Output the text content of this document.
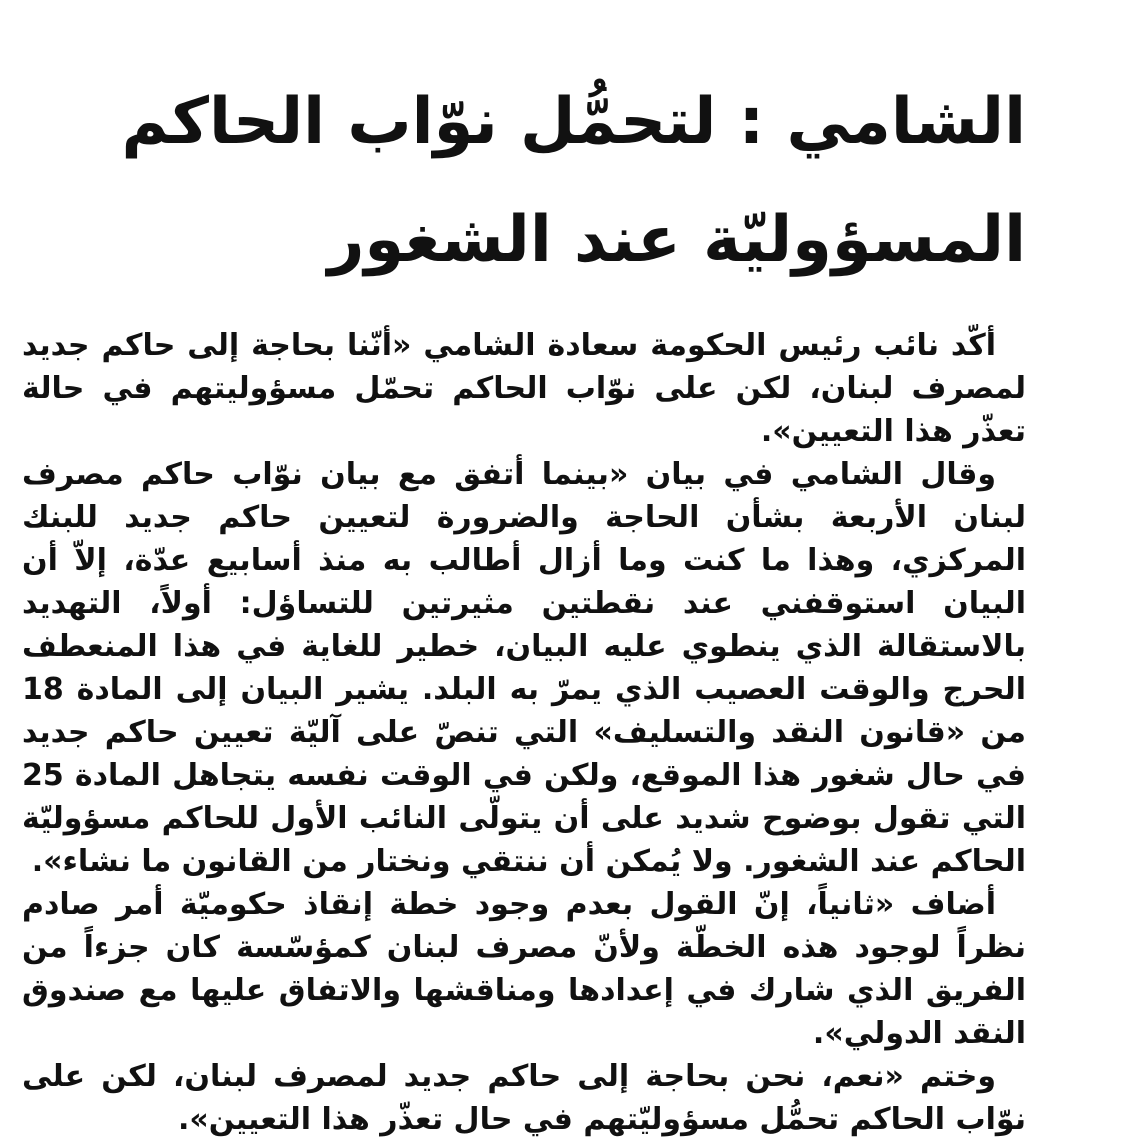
الشامي : لتحمُّل نوّاب الحاكم
المسؤوليّة عند الشغور

أكّد نائب رئيس الحكومة سعادة الشامي «أنّنا بحاجة إلى حاكم جديد لمصرف لبنان، لكن على نوّاب الحاكم تحمّل مسؤوليتهم في حالة تعذّر هذا التعيين».

وقال الشامي في بيان «بينما أتفق مع بيان نوّاب حاكم مصرف لبنان الأربعة بشأن الحاجة والضرورة لتعيين حاكم جديد للبنك المركزي، وهذا ما كنت وما أزال أطالب به منذ أسابيع عدّة، إلاّ أن البيان استوقفني عند نقطتين مثيرتين للتساؤل: أولاً، التهديد بالاستقالة الذي ينطوي عليه البيان، خطير للغاية في هذا المنعطف الحرج والوقت العصيب الذي يمرّ به البلد. يشير البيان إلى المادة 18 من «قانون النقد والتسليف» التي تنصّ على آليّة تعيين حاكم جديد في حال شغور هذا الموقع، ولكن في الوقت نفسه يتجاهل المادة 25 التي تقول بوضوح شديد على أن يتولّى النائب الأول للحاكم مسؤوليّة الحاكم عند الشغور. ولا يُمكن أن ننتقي ونختار من القانون ما نشاء».

أضاف «ثانياً، إنّ القول بعدم وجود خطة إنقاذ حكوميّة أمر صادم نظراً لوجود هذه الخطّة ولأنّ مصرف لبنان كمؤسّسة كان جزءاً من الفريق الذي شارك في إعدادها ومناقشها والاتفاق عليها مع صندوق النقد الدولي».

وختم «نعم، نحن بحاجة إلى حاكم جديد لمصرف لبنان، لكن على نوّاب الحاكم تحمُّل مسؤوليّتهم في حال تعذّر هذا التعيين».
